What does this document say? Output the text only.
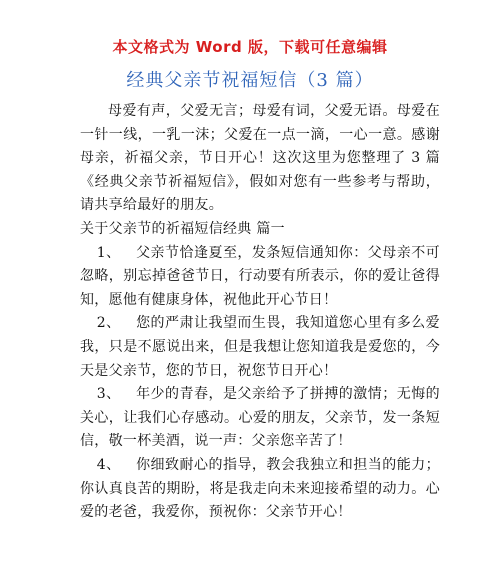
本文格式为 Word 版，下载可任意编辑
经典父亲节祝福短信（3 篇）

母爱有声，父爱无言；母爱有词，父爱无语。母爱在一针一线，一乳一沫；父爱在一点一滴，一心一意。感谢母亲，祈福父亲，节日开心！这次这里为您整理了 3 篇《经典父亲节祈福短信》，假如对您有一些参考与帮助，请共享给最好的朋友。

关于父亲节的祈福短信经典 篇一

1、 父亲节恰逢夏至，发条短信通知你：父母亲不可忽略，别忘掉爸爸节日，行动要有所表示，你的爱让爸得知，愿他有健康身体，祝他此开心节日！

2、 您的严肃让我望而生畏，我知道您心里有多么爱我，只是不愿说出来，但是我想让您知道我是爱您的，今天是父亲节，您的节日，祝您节日开心！

3、 年少的青春，是父亲给予了拼搏的激情；无悔的关心，让我们心存感动。心爱的朋友，父亲节，发一条短信，敬一杯美酒，说一声：父亲您辛苦了！

4、 你细致耐心的指导，教会我独立和担当的能力；你认真良苦的期盼，将是我走向未来迎接希望的动力。心爱的老爸，我爱你，预祝你：父亲节开心！
